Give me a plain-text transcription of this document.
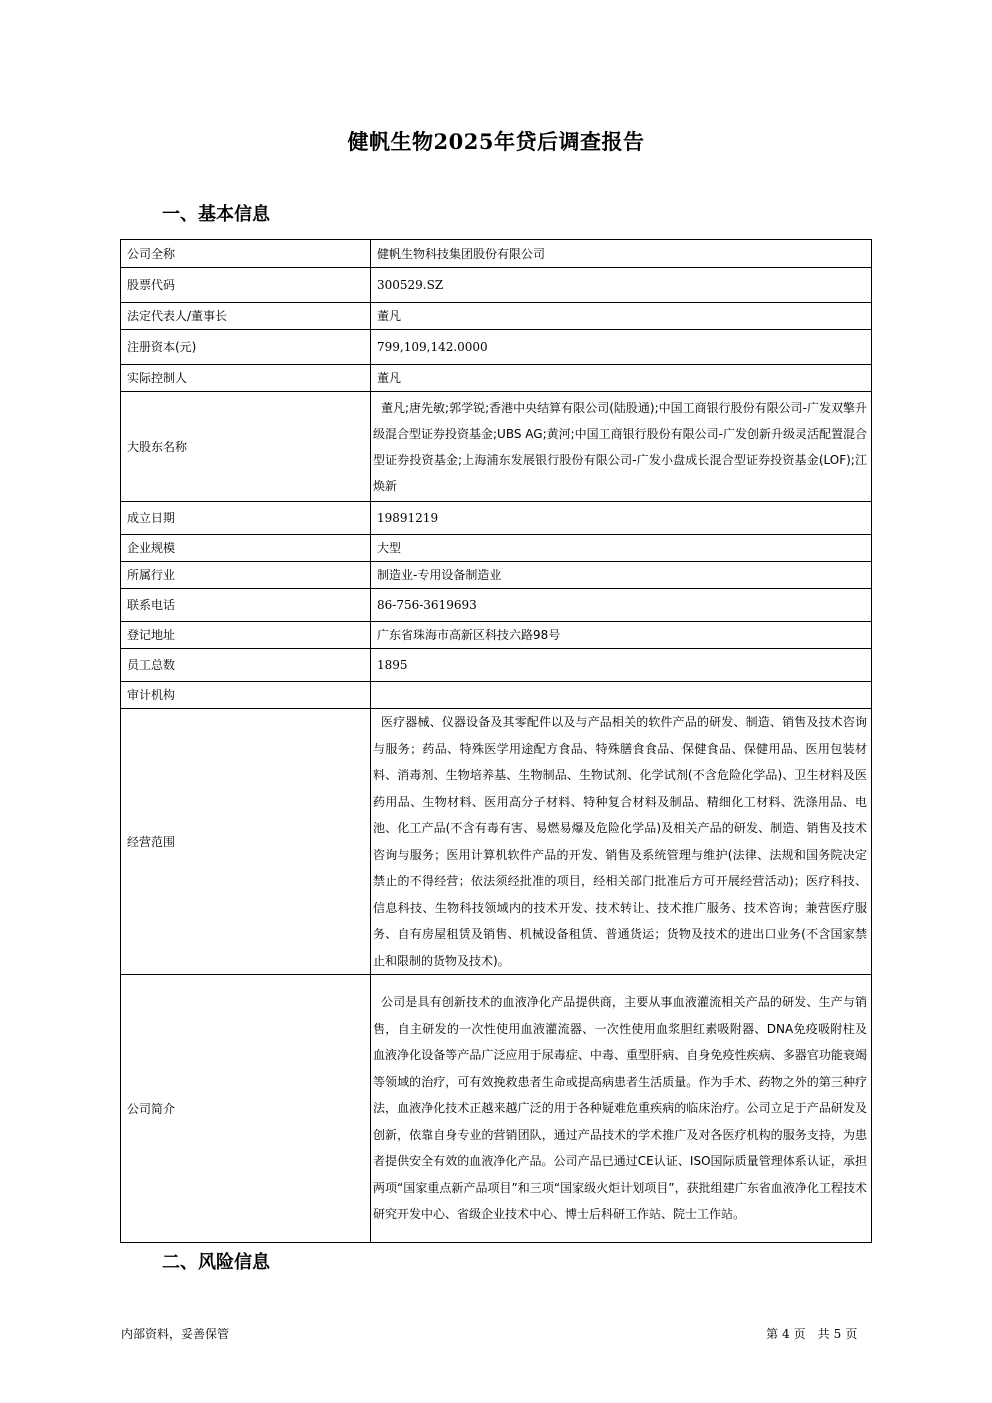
健帆生物2025年贷后调查报告
一、基本信息
公司全称	健帆生物科技集团股份有限公司
股票代码	300529.SZ
法定代表人/董事长	董凡
注册资本(元)	799,109,142.0000
实际控制人	董凡
大股东名称	董凡;唐先敏;郭学锐;香港中央结算有限公司(陆股通);中国工商银行股份有限公司-广发双擎升级混合型证券投资基金;UBS AG;黄河;中国工商银行股份有限公司-广发创新升级灵活配置混合型证券投资基金;上海浦东发展银行股份有限公司-广发小盘成长混合型证券投资基金(LOF);江焕新
成立日期	19891219
企业规模	大型
所属行业	制造业-专用设备制造业
联系电话	86-756-3619693
登记地址	广东省珠海市高新区科技六路98号
员工总数	1895
审计机构	
经营范围	医疗器械、仪器设备及其零配件以及与产品相关的软件产品的研发、制造、销售及技术咨询与服务；药品、特殊医学用途配方食品、特殊膳食食品、保健食品、保健用品、医用包装材料、消毒剂、生物培养基、生物制品、生物试剂、化学试剂(不含危险化学品)、卫生材料及医药用品、生物材料、医用高分子材料、特种复合材料及制品、精细化工材料、洗涤用品、电池、化工产品(不含有毒有害、易燃易爆及危险化学品)及相关产品的研发、制造、销售及技术咨询与服务；医用计算机软件产品的开发、销售及系统管理与维护(法律、法规和国务院决定禁止的不得经营；依法须经批准的项目，经相关部门批准后方可开展经营活动)；医疗科技、信息科技、生物科技领域内的技术开发、技术转让、技术推广服务、技术咨询；兼营医疗服务、自有房屋租赁及销售、机械设备租赁、普通货运；货物及技术的进出口业务(不含国家禁止和限制的货物及技术)。
公司简介	公司是具有创新技术的血液净化产品提供商，主要从事血液灌流相关产品的研发、生产与销售，自主研发的一次性使用血液灌流器、一次性使用血浆胆红素吸附器、DNA免疫吸附柱及血液净化设备等产品广泛应用于尿毒症、中毒、重型肝病、自身免疫性疾病、多器官功能衰竭等领域的治疗，可有效挽救患者生命或提高病患者生活质量。作为手术、药物之外的第三种疗法，血液净化技术正越来越广泛的用于各种疑难危重疾病的临床治疗。公司立足于产品研发及创新，依靠自身专业的营销团队，通过产品技术的学术推广及对各医疗机构的服务支持，为患者提供安全有效的血液净化产品。公司产品已通过CE认证、ISO国际质量管理体系认证，承担两项“国家重点新产品项目”和三项“国家级火炬计划项目”，获批组建广东省血液净化工程技术研究开发中心、省级企业技术中心、博士后科研工作站、院士工作站。
二、风险信息
内部资料，妥善保管	第 4 页　共 5 页
